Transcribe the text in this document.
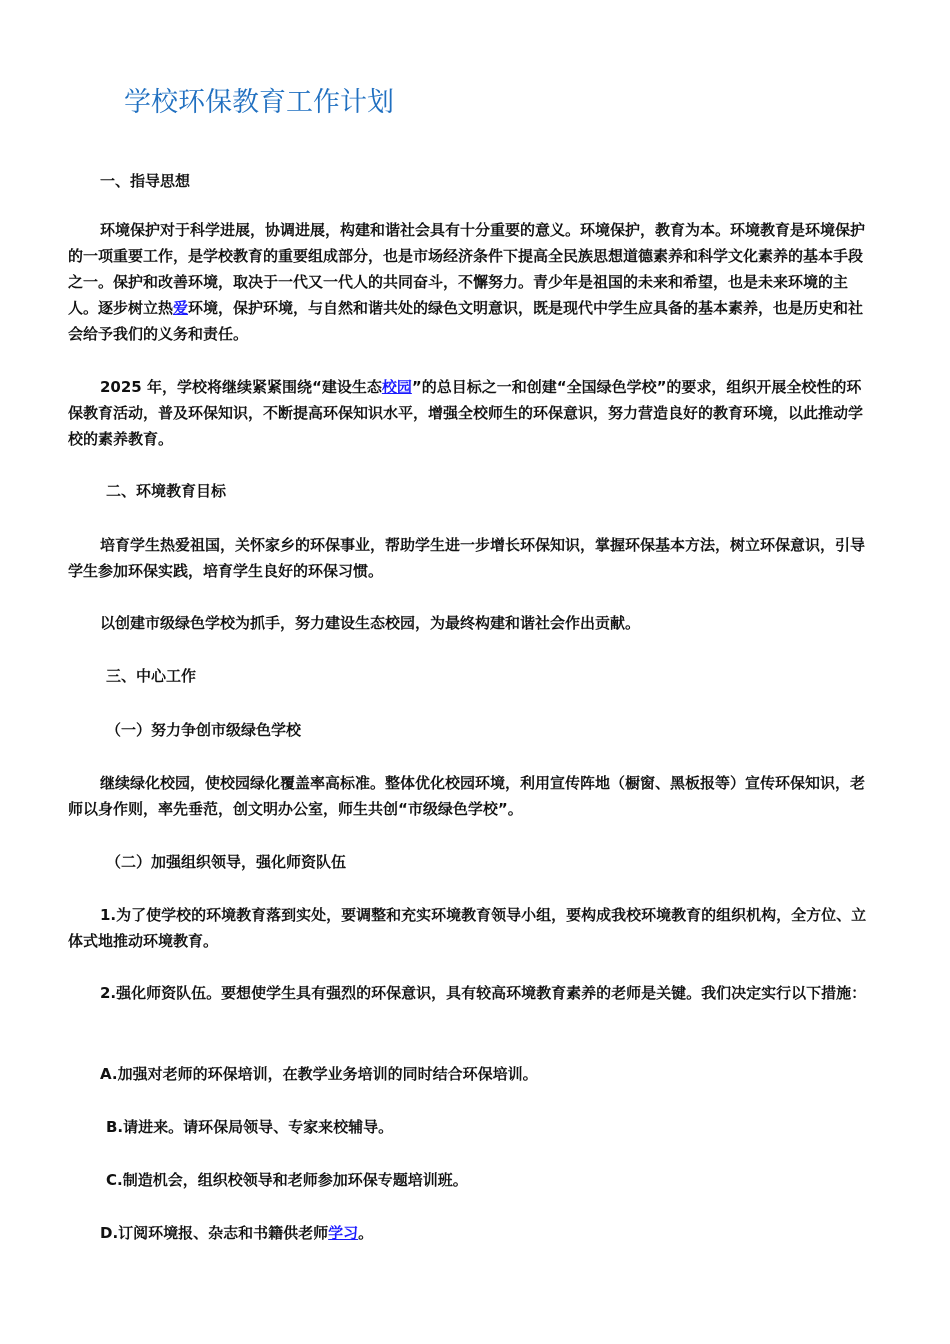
学校环保教育工作计划
一、指导思想
环境保护对于科学进展，协调进展，构建和谐社会具有十分重要的意义。环境保护，教育为本。环境教育是环境保护的一项重要工作，是学校教育的重要组成部分，也是市场经济条件下提高全民族思想道德素养和科学文化素养的基本手段之一。保护和改善环境，取决于一代又一代人的共同奋斗，不懈努力。青少年是祖国的未来和希望，也是未来环境的主人。逐步树立热爱环境，保护环境，与自然和谐共处的绿色文明意识，既是现代中学生应具备的基本素养，也是历史和社会给予我们的义务和责任。
2025 年，学校将继续紧紧围绕“建设生态校园”的总目标之一和创建“全国绿色学校”的要求，组织开展全校性的环保教育活动，普及环保知识，不断提高环保知识水平，增强全校师生的环保意识，努力营造良好的教育环境，以此推动学校的素养教育。
二、环境教育目标
培育学生热爱祖国，关怀家乡的环保事业，帮助学生进一步增长环保知识，掌握环保基本方法，树立环保意识，引导学生参加环保实践，培育学生良好的环保习惯。
以创建市级绿色学校为抓手，努力建设生态校园，为最终构建和谐社会作出贡献。
三、中心工作
（一）努力争创市级绿色学校
继续绿化校园，使校园绿化覆盖率高标准。整体优化校园环境，利用宣传阵地（橱窗、黑板报等）宣传环保知识，老师以身作则，率先垂范，创文明办公室，师生共创“市级绿色学校”。
（二）加强组织领导，强化师资队伍
1.为了使学校的环境教育落到实处，要调整和充实环境教育领导小组，要构成我校环境教育的组织机构，全方位、立体式地推动环境教育。
2.强化师资队伍。要想使学生具有强烈的环保意识，具有较高环境教育素养的老师是关键。我们决定实行以下措施：
A.加强对老师的环保培训，在教学业务培训的同时结合环保培训。
B.请进来。请环保局领导、专家来校辅导。
C.制造机会，组织校领导和老师参加环保专题培训班。
D.订阅环境报、杂志和书籍供老师学习。
